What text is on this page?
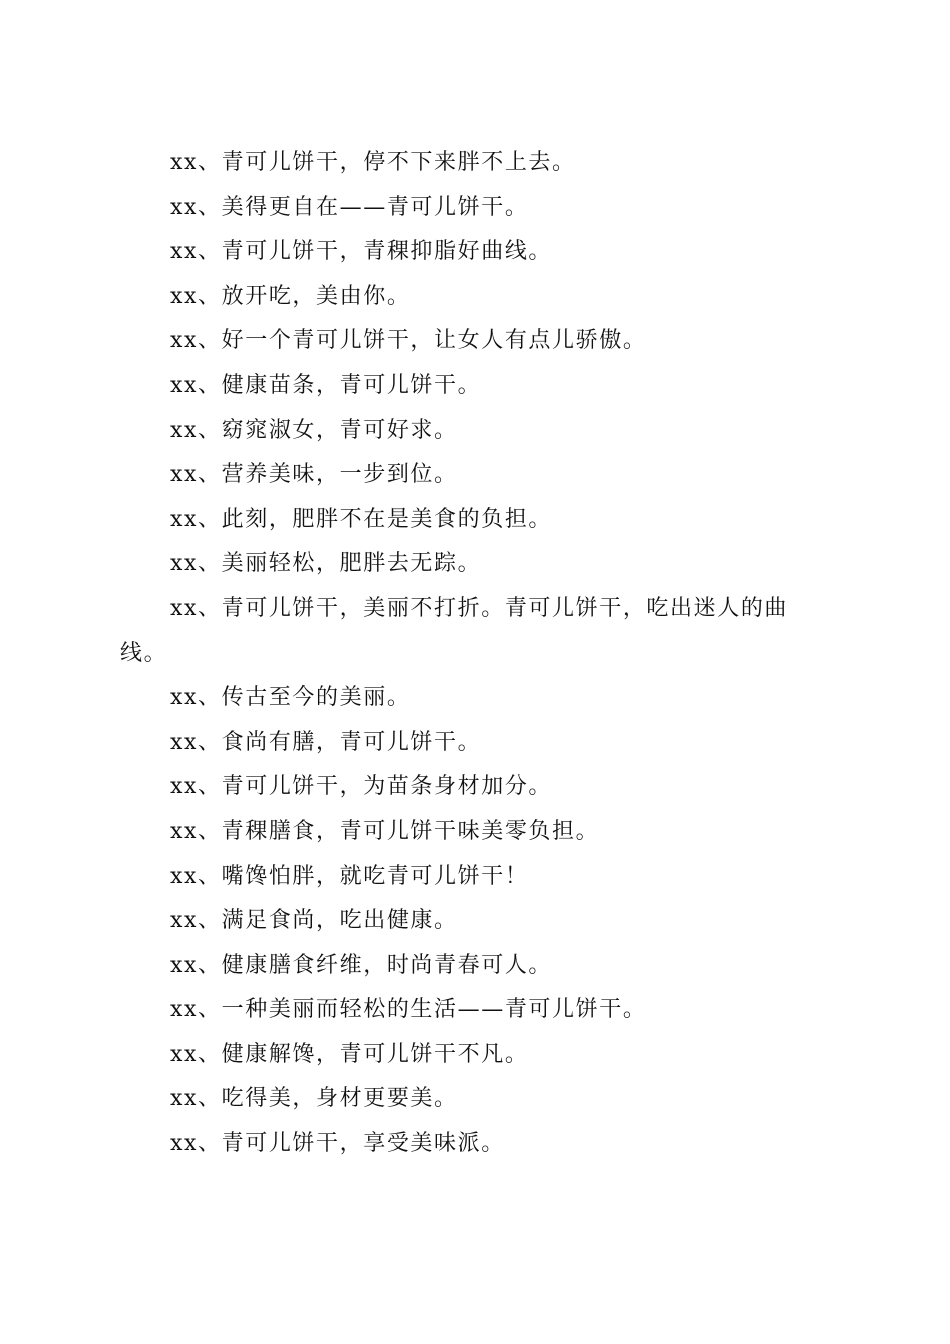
xx、青可儿饼干，停不下来胖不上去。

xx、美得更自在——青可儿饼干。

xx、青可儿饼干，青稞抑脂好曲线。

xx、放开吃，美由你。

xx、好一个青可儿饼干，让女人有点儿骄傲。

xx、健康苗条，青可儿饼干。

xx、窈窕淑女，青可好求。

xx、营养美味，一步到位。

xx、此刻，肥胖不在是美食的负担。

xx、美丽轻松，肥胖去无踪。

xx、青可儿饼干，美丽不打折。青可儿饼干，吃出迷人的曲线。

xx、传古至今的美丽。

xx、食尚有膳，青可儿饼干。

xx、青可儿饼干，为苗条身材加分。

xx、青稞膳食，青可儿饼干味美零负担。

xx、嘴馋怕胖，就吃青可儿饼干！

xx、满足食尚，吃出健康。

xx、健康膳食纤维，时尚青春可人。

xx、一种美丽而轻松的生活——青可儿饼干。

xx、健康解馋，青可儿饼干不凡。

xx、吃得美，身材更要美。

xx、青可儿饼干，享受美味派。
